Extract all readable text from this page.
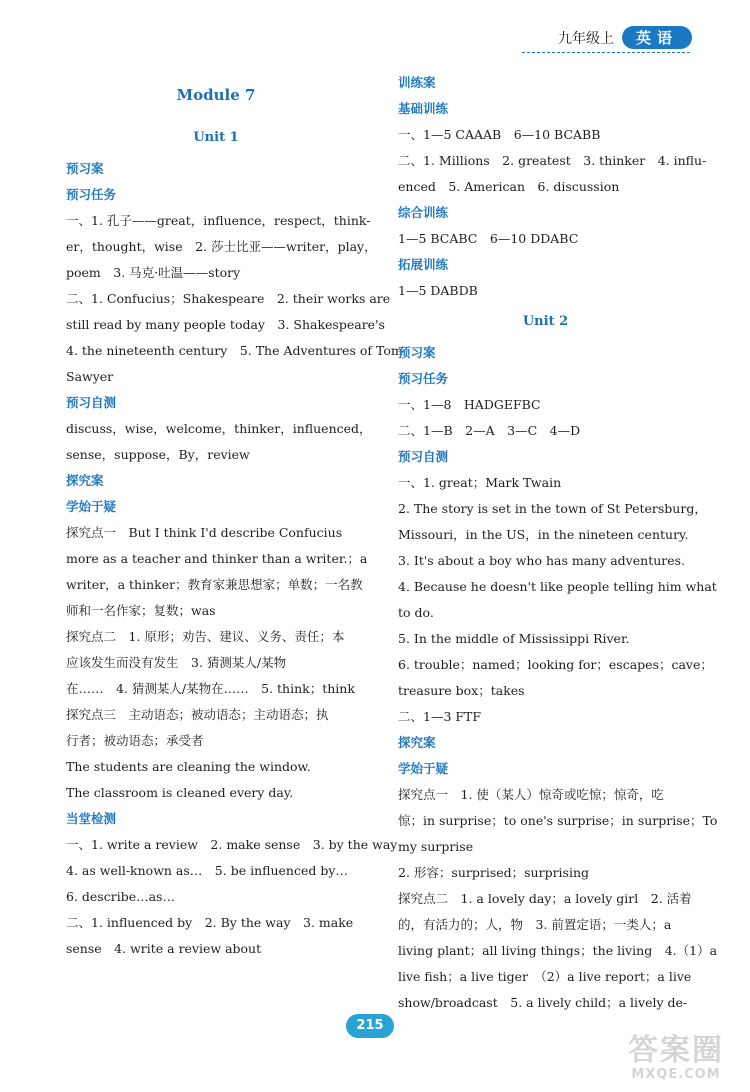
九年级上	英语
Module 7
Unit 1
预习案
预习任务
一、1. 孔子——great，influence，respect，think-
er，thought，wise　2. 莎士比亚——writer，play，
poem　3. 马克·吐温——story
二、1. Confucius；Shakespeare　2. their works are
still read by many people today　3. Shakespeare's
4. the nineteenth century　5. The Adventures of Tom
Sawyer
预习自测
discuss，wise，welcome，thinker，influenced，
sense，suppose，By，review
探究案
学始于疑
探究点一　But I think I'd describe Confucius
more as a teacher and thinker than a writer.；a
writer，a thinker；教育家兼思想家；单数；一名教
师和一名作家；复数；was
探究点二　1. 原形；劝告、建议、义务、责任；本
应该发生而没有发生　3. 猜测某人/某物
在……　4. 猜测某人/某物在……　5. think；think
探究点三　主动语态；被动语态；主动语态；执
行者；被动语态；承受者
The students are cleaning the window.
The classroom is cleaned every day.
当堂检测
一、1. write a review　2. make sense　3. by the way
4. as well-known as…　5. be influenced by…
6. describe…as…
二、1. influenced by　2. By the way　3. make
sense　4. write a review about
训练案
基础训练
一、1—5 CAAAB　6—10 BCABB
二、1. Millions　2. greatest　3. thinker　4. influ-
enced　5. American　6. discussion
综合训练
1—5 BCABC　6—10 DDABC
拓展训练
1—5 DABDB
Unit 2
预习案
预习任务
一、1—8　HADGEFBC
二、1—B　2—A　3—C　4—D
预习自测
一、1. great；Mark Twain
2. The story is set in the town of St Petersburg，
Missouri，in the US，in the nineteen century.
3. It's about a boy who has many adventures.
4. Because he doesn't like people telling him what
to do.
5. In the middle of Mississippi River.
6. trouble；named；looking for；escapes；cave；
treasure box；takes
二、1—3 FTF
探究案
学始于疑
探究点一　1. 使（某人）惊奇或吃惊；惊奇，吃
惊；in surprise；to one's surprise；in surprise；To
my surprise
2. 形容；surprised；surprising
探究点二　1. a lovely day；a lovely girl　2. 活着
的，有活力的；人，物　3. 前置定语；一类人；a
living plant；all living things；the living　4.（1）a
live fish；a live tiger　（2）a live report；a live
show/broadcast　5. a lively child；a lively de-
215
答案圈
MXQE.COM
